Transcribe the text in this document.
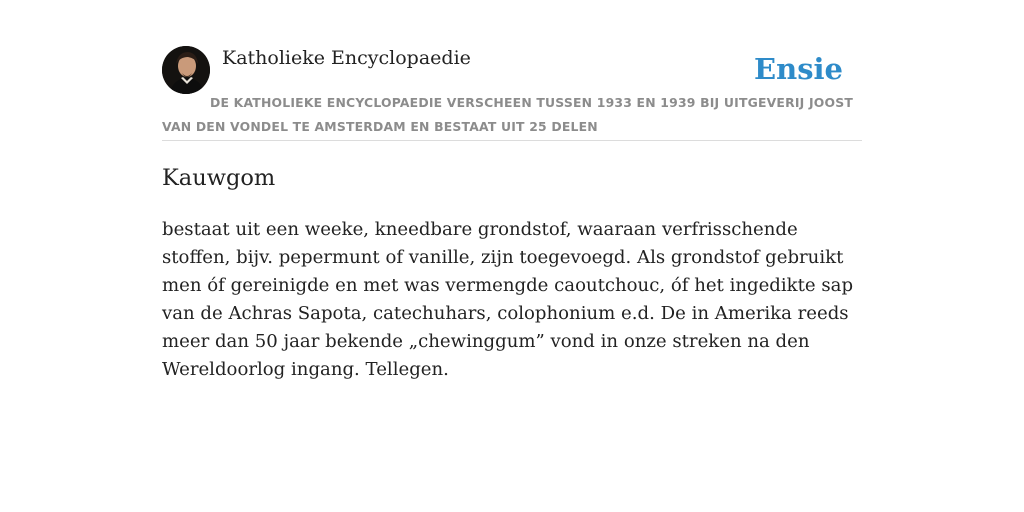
Katholieke Encyclopaedie	Ensie
DE KATHOLIEKE ENCYCLOPAEDIE VERSCHEEN TUSSEN 1933 EN 1939 BIJ UITGEVERIJ JOOST VAN DEN VONDEL TE AMSTERDAM EN BESTAAT UIT 25 DELEN
Kauwgom

bestaat uit een weeke, kneedbare grondstof, waaraan verfrisschende stoffen, bijv. pepermunt of vanille, zijn toegevoegd. Als grondstof gebruikt men óf gereinigde en met was vermengde caoutchouc, óf het ingedikte sap van de Achras Sapota, catechuhars, colophonium e.d. De in Amerika reeds meer dan 50 jaar bekende „chewinggum” vond in onze streken na den Wereldoorlog ingang. Tellegen.
